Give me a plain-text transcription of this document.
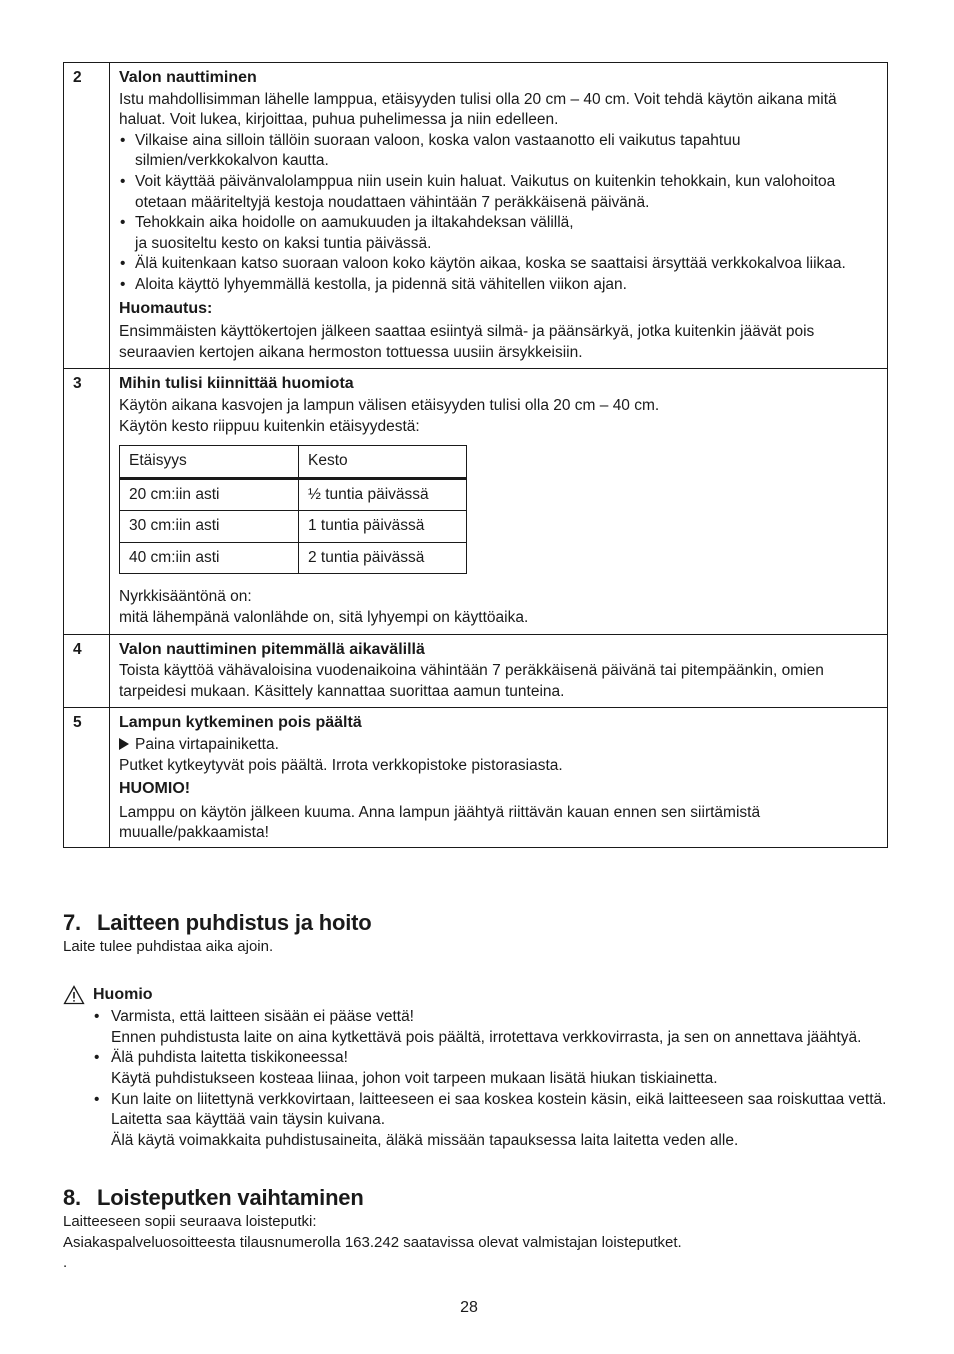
2	Valon nauttiminen
Istu mahdollisimman lähelle lamppua, etäisyyden tulisi olla 20 cm – 40 cm. Voit tehdä käytön aikana mitä haluat. Voit lukea, kirjoittaa, puhua puhelimessa ja niin edelleen.
• Vilkaise aina silloin tällöin suoraan valoon, koska valon vastaanotto eli vaikutus tapahtuu silmien/verkkokalvon kautta.
• Voit käyttää päivänvalolamppua niin usein kuin haluat. Vaikutus on kuitenkin tehokkain, kun valohoitoa otetaan määriteltyjä kestoja noudattaen vähintään 7 peräkkäisenä päivänä.
• Tehokkain aika hoidolle on aamukuuden ja iltakahdeksan välillä,
ja suositeltu kesto on kaksi tuntia päivässä.
• Älä kuitenkaan katso suoraan valoon koko käytön aikaa, koska se saattaisi ärsyttää verkkokalvoa liikaa.
• Aloita käyttö lyhyemmällä kestolla, ja pidennä sitä vähitellen viikon ajan.
Huomautus:
Ensimmäisten käyttökertojen jälkeen saattaa esiintyä silmä- ja päänsärkyä, jotka kuitenkin jäävät pois seuraavien kertojen aikana hermoston tottuessa uusiin ärsykkeisiin.

3	Mihin tulisi kiinnittää huomiota
Käytön aikana kasvojen ja lampun välisen etäisyyden tulisi olla 20 cm – 40 cm.
Käytön kesto riippuu kuitenkin etäisyydestä:
Etäisyys	Kesto
20 cm:iin asti	½ tuntia päivässä
30 cm:iin asti	1 tuntia päivässä
40 cm:iin asti	2 tuntia päivässä
Nyrkkisääntönä on:
mitä lähempänä valonlähde on, sitä lyhyempi on käyttöaika.

4	Valon nauttiminen pitemmällä aikavälillä
Toista käyttöä vähävaloisina vuodenaikoina vähintään 7 peräkkäisenä päivänä tai pitempäänkin, omien tarpeidesi mukaan. Käsittely kannattaa suorittaa aamun tunteina.

5	Lampun kytkeminen pois päältä
Paina virtapainiketta.
Putket kytkeytyvät pois päältä. Irrota verkkopistoke pistorasiasta.
HUOMIO!
Lamppu on käytön jälkeen kuuma. Anna lampun jäähtyä riittävän kauan ennen sen siirtämistä muualle/pakkaamista!
7. Laitteen puhdistus ja hoito
Laite tulee puhdistaa aika ajoin.
Huomio
• Varmista, että laitteen sisään ei pääse vettä!
Ennen puhdistusta laite on aina kytkettävä pois päältä, irrotettava verkkovirrasta, ja sen on annettava jäähtyä.
• Älä puhdista laitetta tiskikoneessa!
Käytä puhdistukseen kosteaa liinaa, johon voit tarpeen mukaan lisätä hiukan tiskiainetta.
• Kun laite on liitettynä verkkovirtaan, laitteeseen ei saa koskea kostein käsin, eikä laitteeseen saa roiskuttaa vettä. Laitetta saa käyttää vain täysin kuivana.
Älä käytä voimakkaita puhdistusaineita, äläkä missään tapauksessa laita laitetta veden alle.
8. Loisteputken vaihtaminen
Laitteeseen sopii seuraava loisteputki:
Asiakaspalveluosoitteesta tilausnumerolla 163.242 saatavissa olevat valmistajan loisteputket.
.
28
